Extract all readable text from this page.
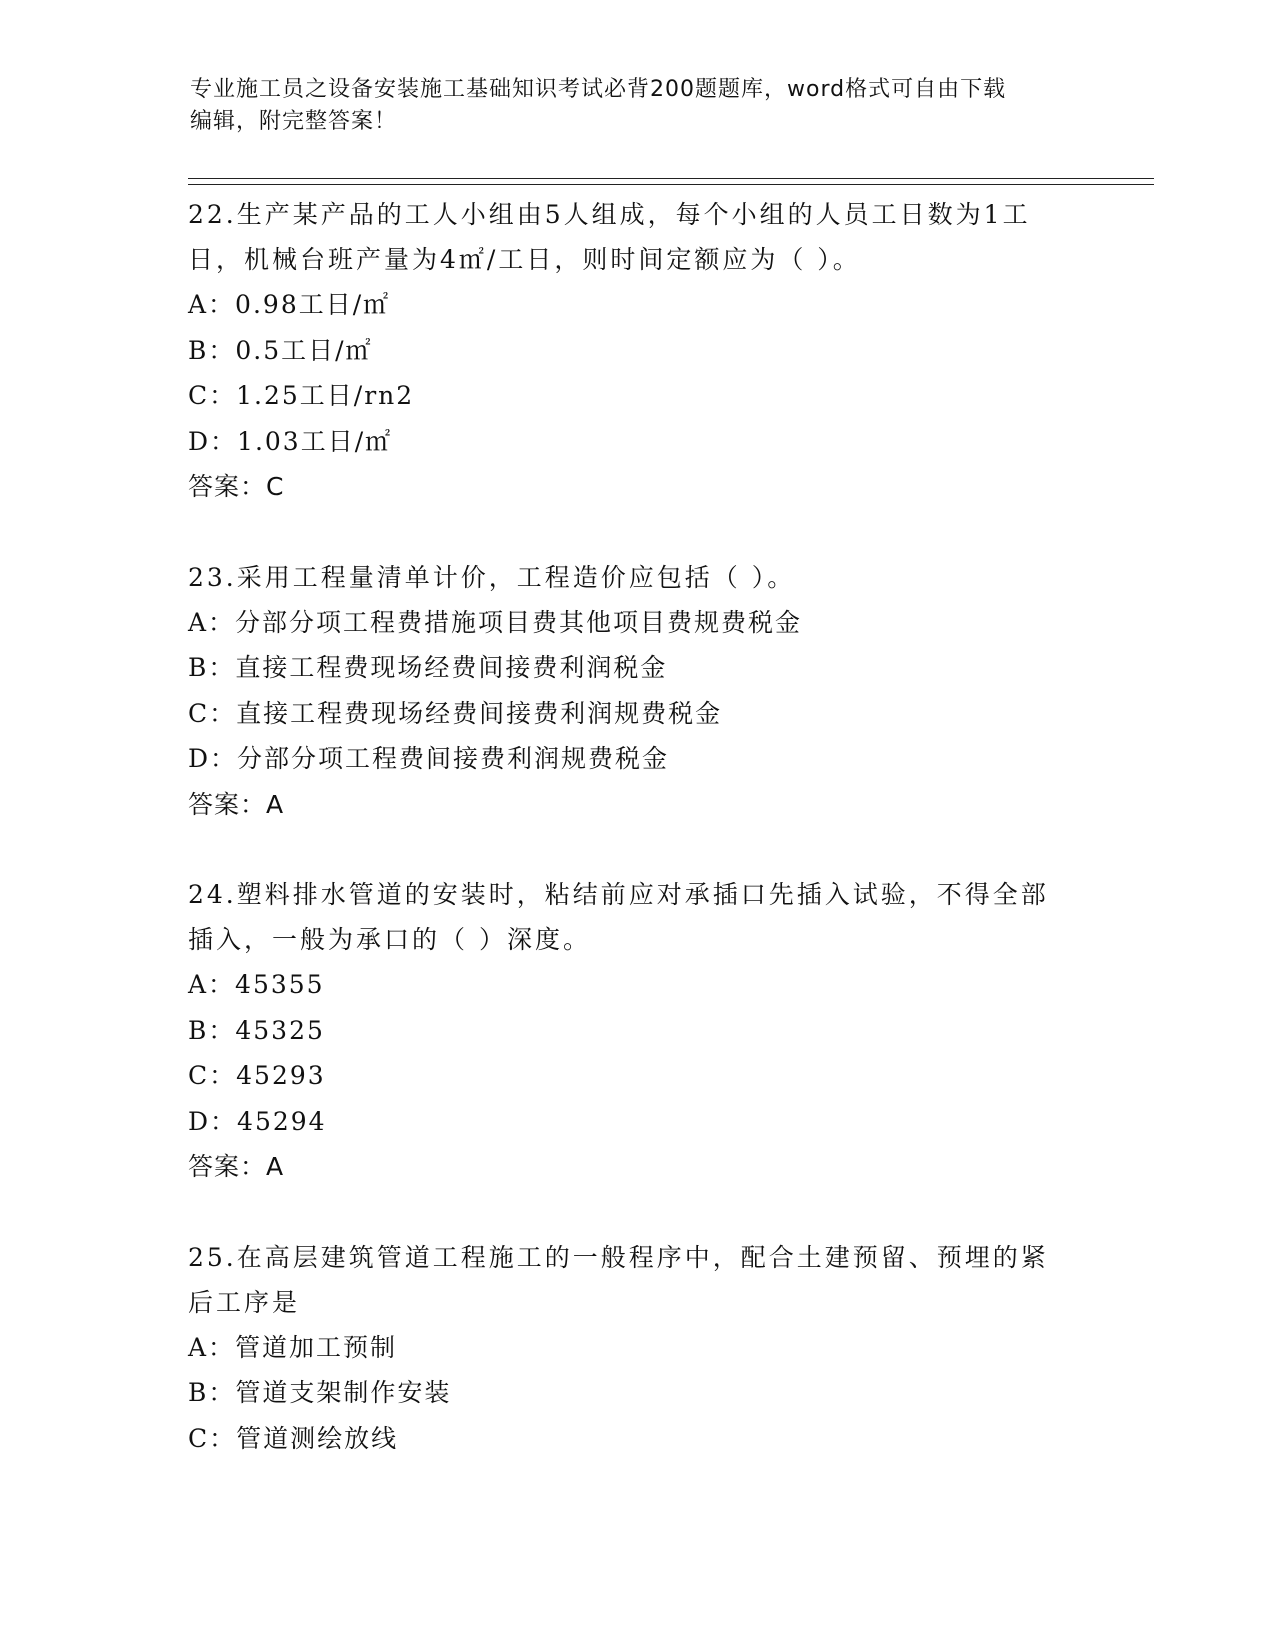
专业施工员之设备安装施工基础知识考试必背200题题库，word格式可自由下载
编辑，附完整答案！

22.生产某产品的工人小组由5人组成，每个小组的人员工日数为1工

日，机械台班产量为4㎡/工日，则时间定额应为（ ）。

A：0.98工日/㎡

B：0.5工日/㎡

C：1.25工日/rn2

D：1.03工日/㎡

答案：C

23.采用工程量清单计价，工程造价应包括（ ）。

A：分部分项工程费措施项目费其他项目费规费税金

B：直接工程费现场经费间接费利润税金

C：直接工程费现场经费间接费利润规费税金

D：分部分项工程费间接费利润规费税金

答案：A

24.塑料排水管道的安装时，粘结前应对承插口先插入试验，不得全部

插入，一般为承口的（ ）深度。

A：45355

B：45325

C：45293

D：45294

答案：A

25.在高层建筑管道工程施工的一般程序中，配合土建预留、预埋的紧

后工序是

A：管道加工预制

B：管道支架制作安装

C：管道测绘放线
